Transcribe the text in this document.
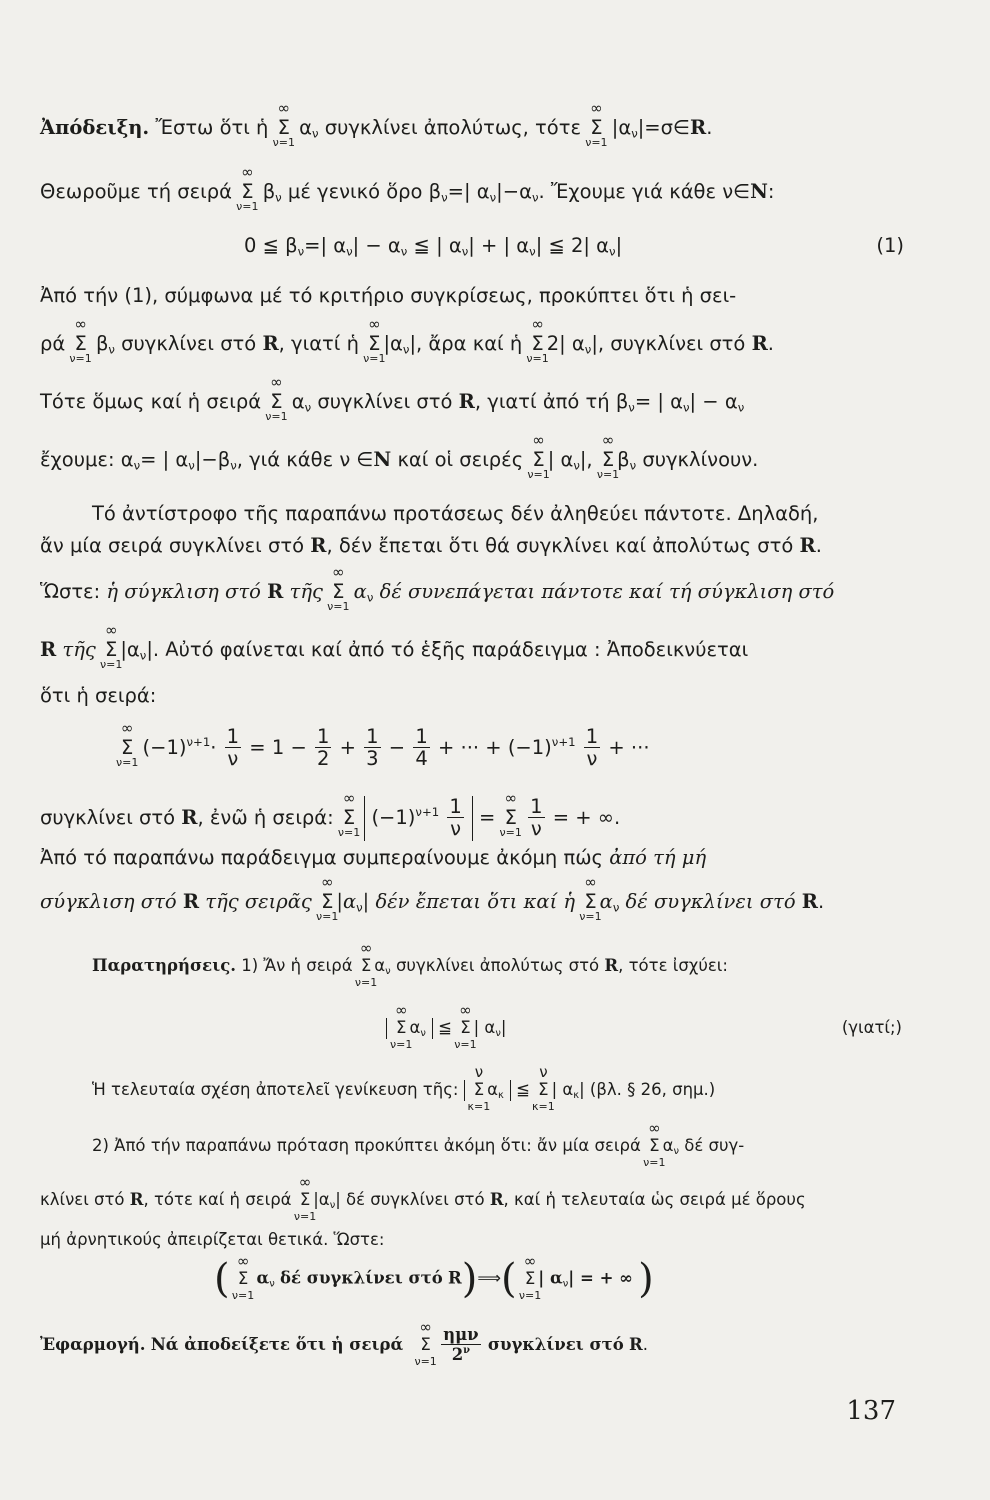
Ἀπόδειξη. Ἔστω ὅτι ἡ Σ
∞
ν=1
$\alpha_\nu$ συγκλίνει ἀπολύτως, τότε Σ
∞
ν=1
$|\alpha_\nu|=\sigma\in R$.
Θεωροῦμε τή σειρά Σ
∞
ν=1
$\beta_\nu$ μέ γενικό ὅρο $\beta_\nu=|$ $\alpha_\nu|-\alpha_\nu$. Ἔχουμε γιά κάθε ν∈N:
0 ≦ $\beta_\nu=|$ $\alpha_\nu| - \alpha_\nu$ ≦ | $\alpha_\nu|$ + | $\alpha_\nu|$ ≦ 2| $\alpha_\nu|$	(1)
Ἀπό τήν (1), σύμφωνα μέ τό κριτήριο συγκρίσεως, προκύπτει ὅτι ἡ σει-
ρά Σ
∞
ν=1
$\beta_\nu$ συγκλίνει στό R, γιατί ἡ Σ
∞
ν=1
$|\alpha_\nu|$, ἄρα καί ἡ Σ
∞
ν=1
2| $\alpha_\nu|$, συγκλίνει στό R.
Τότε ὅμως καί ἡ σειρά Σ
∞
ν=1
$\alpha_\nu$ συγκλίνει στό R, γιατί ἀπό τή $\beta_\nu=$ | $\alpha_\nu| - \alpha_\nu$
ἔχουμε: $\alpha_\nu=$ | $\alpha_\nu|-\beta_\nu$, γιά κάθε ν ∈N καί οἱ σειρές Σ
∞
ν=1
| $\alpha_\nu|$, Σ
∞
ν=1
$\beta_\nu$ συγκλίνουν.
Τό ἀντίστροφο τῆς παραπάνω προτάσεως δέν ἀληθεύει πάντοτε. Δηλαδή,
ἄν μία σειρά συγκλίνει στό R, δέν ἔπεται ὅτι θά συγκλίνει καί ἀπολύτως στό R.
Ὥστε: ἡ σύγκλιση στό R τῆς Σ
∞
ν=1
$\alpha_\nu$ δέ συνεπάγεται πάντοτε καί τή σύγκλιση στό
R τῆς Σ
∞
ν=1
$|\alpha_\nu|$. Αὐτό φαίνεται καί ἀπό τό ἑξῆς παράδειγμα : Ἀποδεικνύεται
ὅτι ἡ σειρά:
Σ
∞
ν=1
$(-1)^{\nu+1}\cdot \frac{1}{\nu} = 1 - \frac{1}{2} + \frac{1}{3} - \frac{1}{4}$ + ··· + $(-1)^{\nu+1} \frac{1}{\nu}$ + ···
συγκλίνει στό R, ἐνῶ ἡ σειρά: Σ
∞
ν=1
$(-1)^{\nu+1} \frac{1}{\nu} = \Sigma$
∞
ν=1
$\frac{1}{\nu}$ = + ∞.
Ἀπό τό παραπάνω παράδειγμα συμπεραίνουμε ἀκόμη πώς ἀπό τή μή
σύγκλιση στό R τῆς σειρᾶς Σ
∞
ν=1
$|\alpha_\nu|$ δέν ἔπεται ὅτι καί ἡ Σ
∞
ν=1
$\alpha_\nu$ δέ συγκλίνει στό R.
Παρατηρήσεις. 1) Ἄν ἡ σειρά Σ
∞
ν=1
$\alpha_\nu$ συγκλίνει ἀπολύτως στό R, τότε ἰσχύει:
Σ
∞
ν=1
$\alpha_\nu$ ≦ Σ
∞
ν=1
| $\alpha_\nu|$	(γιατί;)
Ἡ τελευταία σχέση ἀποτελεῖ γενίκευση τῆς: Σ
ν
κ=1
$\alpha_\kappa$ ≦ Σ
ν
κ=1
| $\alpha_\kappa|$ (βλ. § 26, σημ.)
2) Ἀπό τήν παραπάνω πρόταση προκύπτει ἀκόμη ὅτι: ἄν μία σειρά Σ
∞
ν=1
$\alpha_\nu$ δέ συγ-
κλίνει στό R, τότε καί ἡ σειρά Σ
∞
ν=1
$|\alpha_\nu|$ δέ συγκλίνει στό R, καί ἡ τελευταία ὡς σειρά μέ ὅρους
μή ἀρνητικούς ἀπειρίζεται θετικά. Ὥστε:
( Σ
∞
ν=1
$\alpha_\nu$ δέ συγκλίνει στό R)⟹( Σ
∞
ν=1
| $\alpha_\nu|$ = + ∞ )
Ἐφαρμογή. Νά ἀποδείξετε ὅτι ἡ σειρά Σ
∞
ν=1
$\frac{\text{ημν}}{2^\nu}$ συγκλίνει στό R.
137
